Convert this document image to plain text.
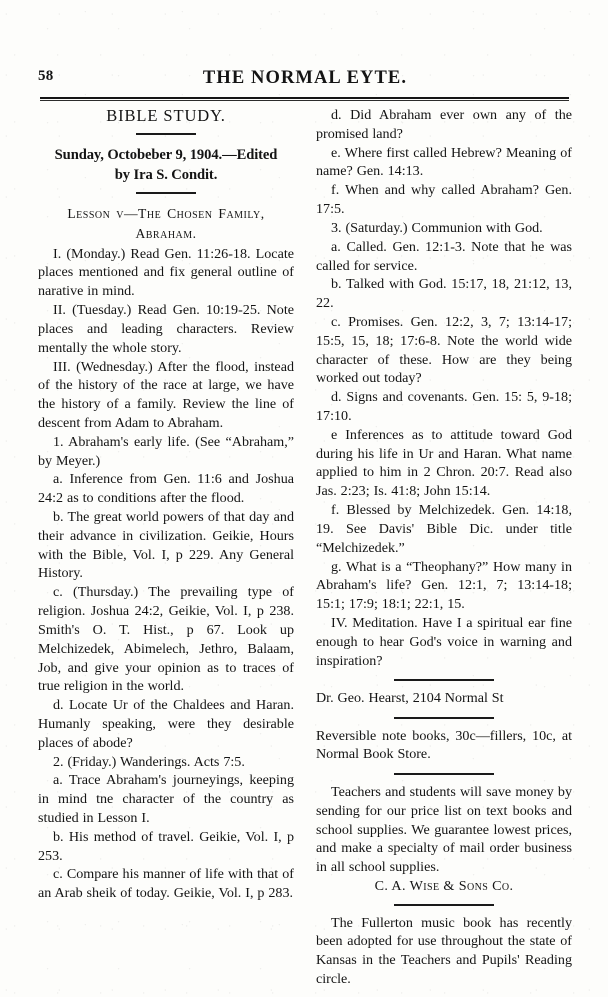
58	THE NORMAL EYTE.
BIBLE STUDY.

Sunday, Octobeber 9, 1904.—Edited

by Ira S. Condit.

Lesson v—The Chosen Family,

Abraham.

I. (Monday.) Read Gen. 11:26-18. Locate places mentioned and fix general outline of narative in mind.

II. (Tuesday.) Read Gen. 10:19-25. Note places and leading characters. Review mentally the whole story.

III. (Wednesday.) After the flood, instead of the history of the race at large, we have the history of a family. Review the line of descent from Adam to Abraham.

1. Abraham's early life. (See “Abraham,” by Meyer.)

a. Inference from Gen. 11:6 and Joshua 24:2 as to conditions after the flood.

b. The great world powers of that day and their advance in civilization. Geikie, Hours with the Bible, Vol. I, p 229. Any General History.

c. (Thursday.) The prevailing type of religion. Joshua 24:2, Geikie, Vol. I, p 238. Smith's O. T. Hist., p 67. Look up Melchizedek, Abimelech, Jethro, Balaam, Job, and give your opinion as to traces of true religion in the world.

d. Locate Ur of the Chaldees and Haran. Humanly speaking, were they desirable places of abode?

2. (Friday.) Wanderings. Acts 7:5.

a. Trace Abraham's journeyings, keeping in mind tne character of the country as studied in Lesson I.

b. His method of travel. Geikie, Vol. I, p 253.

c. Compare his manner of life with that of an Arab sheik of today. Geikie, Vol. I, p 283.

d. Did Abraham ever own any of the promised land?

e. Where first called Hebrew? Meaning of name? Gen. 14:13.

f. When and why called Abraham? Gen. 17:5.

3. (Saturday.) Communion with God.

a. Called. Gen. 12:1-3. Note that he was called for service.

b. Talked with God. 15:17, 18, 21:12, 13, 22.

c. Promises. Gen. 12:2, 3, 7; 13:14-17; 15:5, 15, 18; 17:6-8. Note the world wide character of these. How are they being worked out today?

d. Signs and covenants. Gen. 15: 5, 9-18; 17:10.

e Inferences as to attitude toward God during his life in Ur and Haran. What name applied to him in 2 Chron. 20:7. Read also Jas. 2:23; Is. 41:8; John 15:14.

f. Blessed by Melchizedek. Gen. 14:18, 19. See Davis' Bible Dic. under title “Melchizedek.”

g. What is a “Theophany?” How many in Abraham's life? Gen. 12:1, 7; 13:14-18; 15:1; 17:9; 18:1; 22:1, 15.

IV. Meditation. Have I a spiritual ear fine enough to hear God's voice in warning and inspiration?

Dr. Geo. Hearst, 2104 Normal St

Reversible note books, 30c—fillers, 10c, at Normal Book Store.

Teachers and students will save money by sending for our price list on text books and school supplies. We guarantee lowest prices, and make a specialty of mail order business in all school supplies.

C. A. Wise & Sons Co.

The Fullerton music book has recently been adopted for use throughout the state of Kansas in the Teachers and Pupils' Reading circle.
